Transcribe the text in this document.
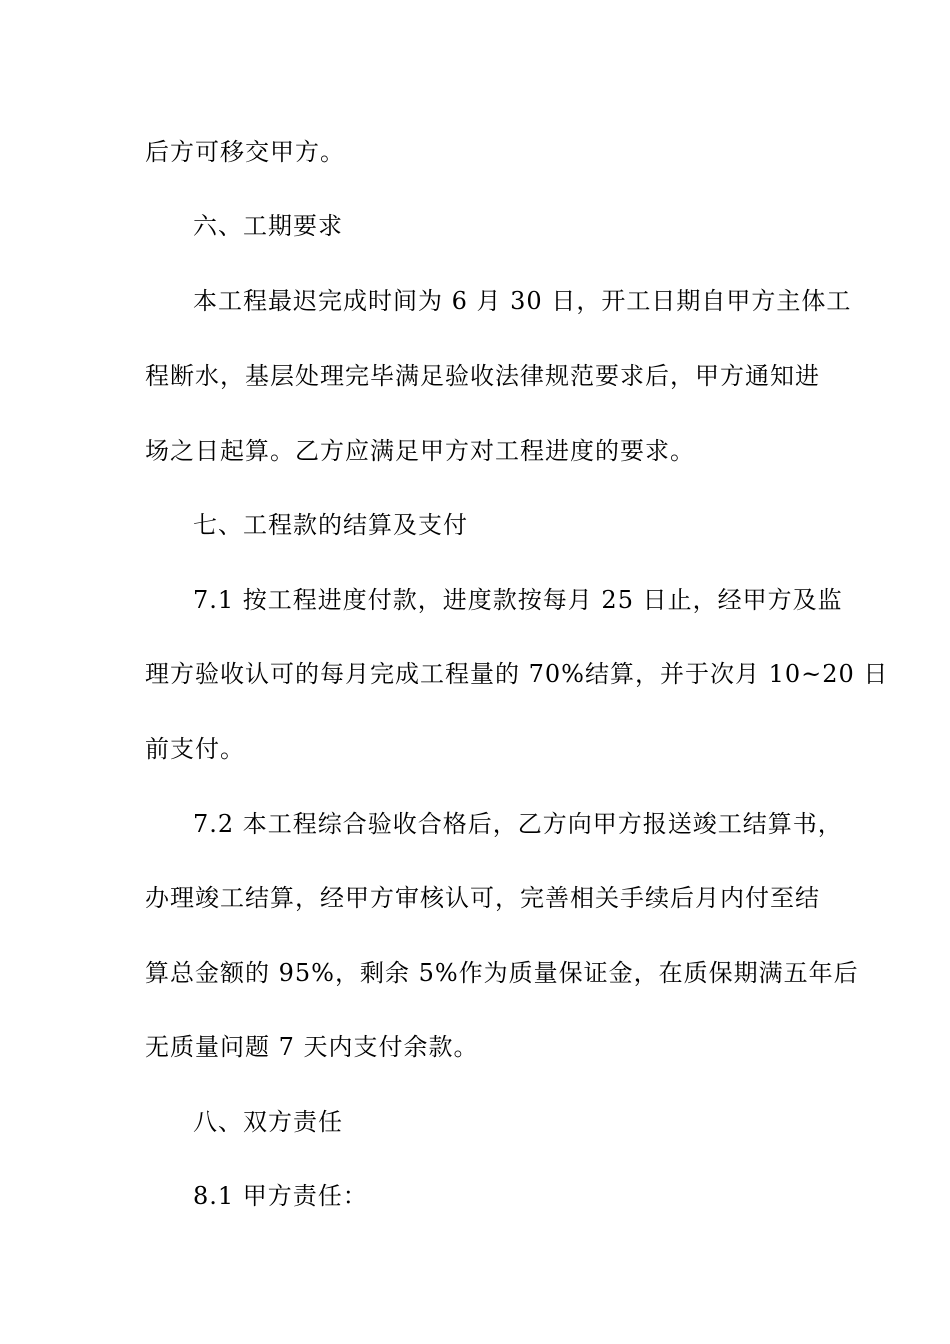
后方可移交甲方。
六、工期要求
本工程最迟完成时间为 6 月 30 日，开工日期自甲方主体工
程断水，基层处理完毕满足验收法律规范要求后，甲方通知进
场之日起算。乙方应满足甲方对工程进度的要求。
七、工程款的结算及支付
7.1 按工程进度付款，进度款按每月 25 日止，经甲方及监
理方验收认可的每月完成工程量的 70%结算，并于次月 10~20 日
前支付。
7.2 本工程综合验收合格后，乙方向甲方报送竣工结算书，
办理竣工结算，经甲方审核认可，完善相关手续后月内付至结
算总金额的 95%，剩余 5%作为质量保证金，在质保期满五年后
无质量问题 7 天内支付余款。
八、双方责任
8.1 甲方责任：
